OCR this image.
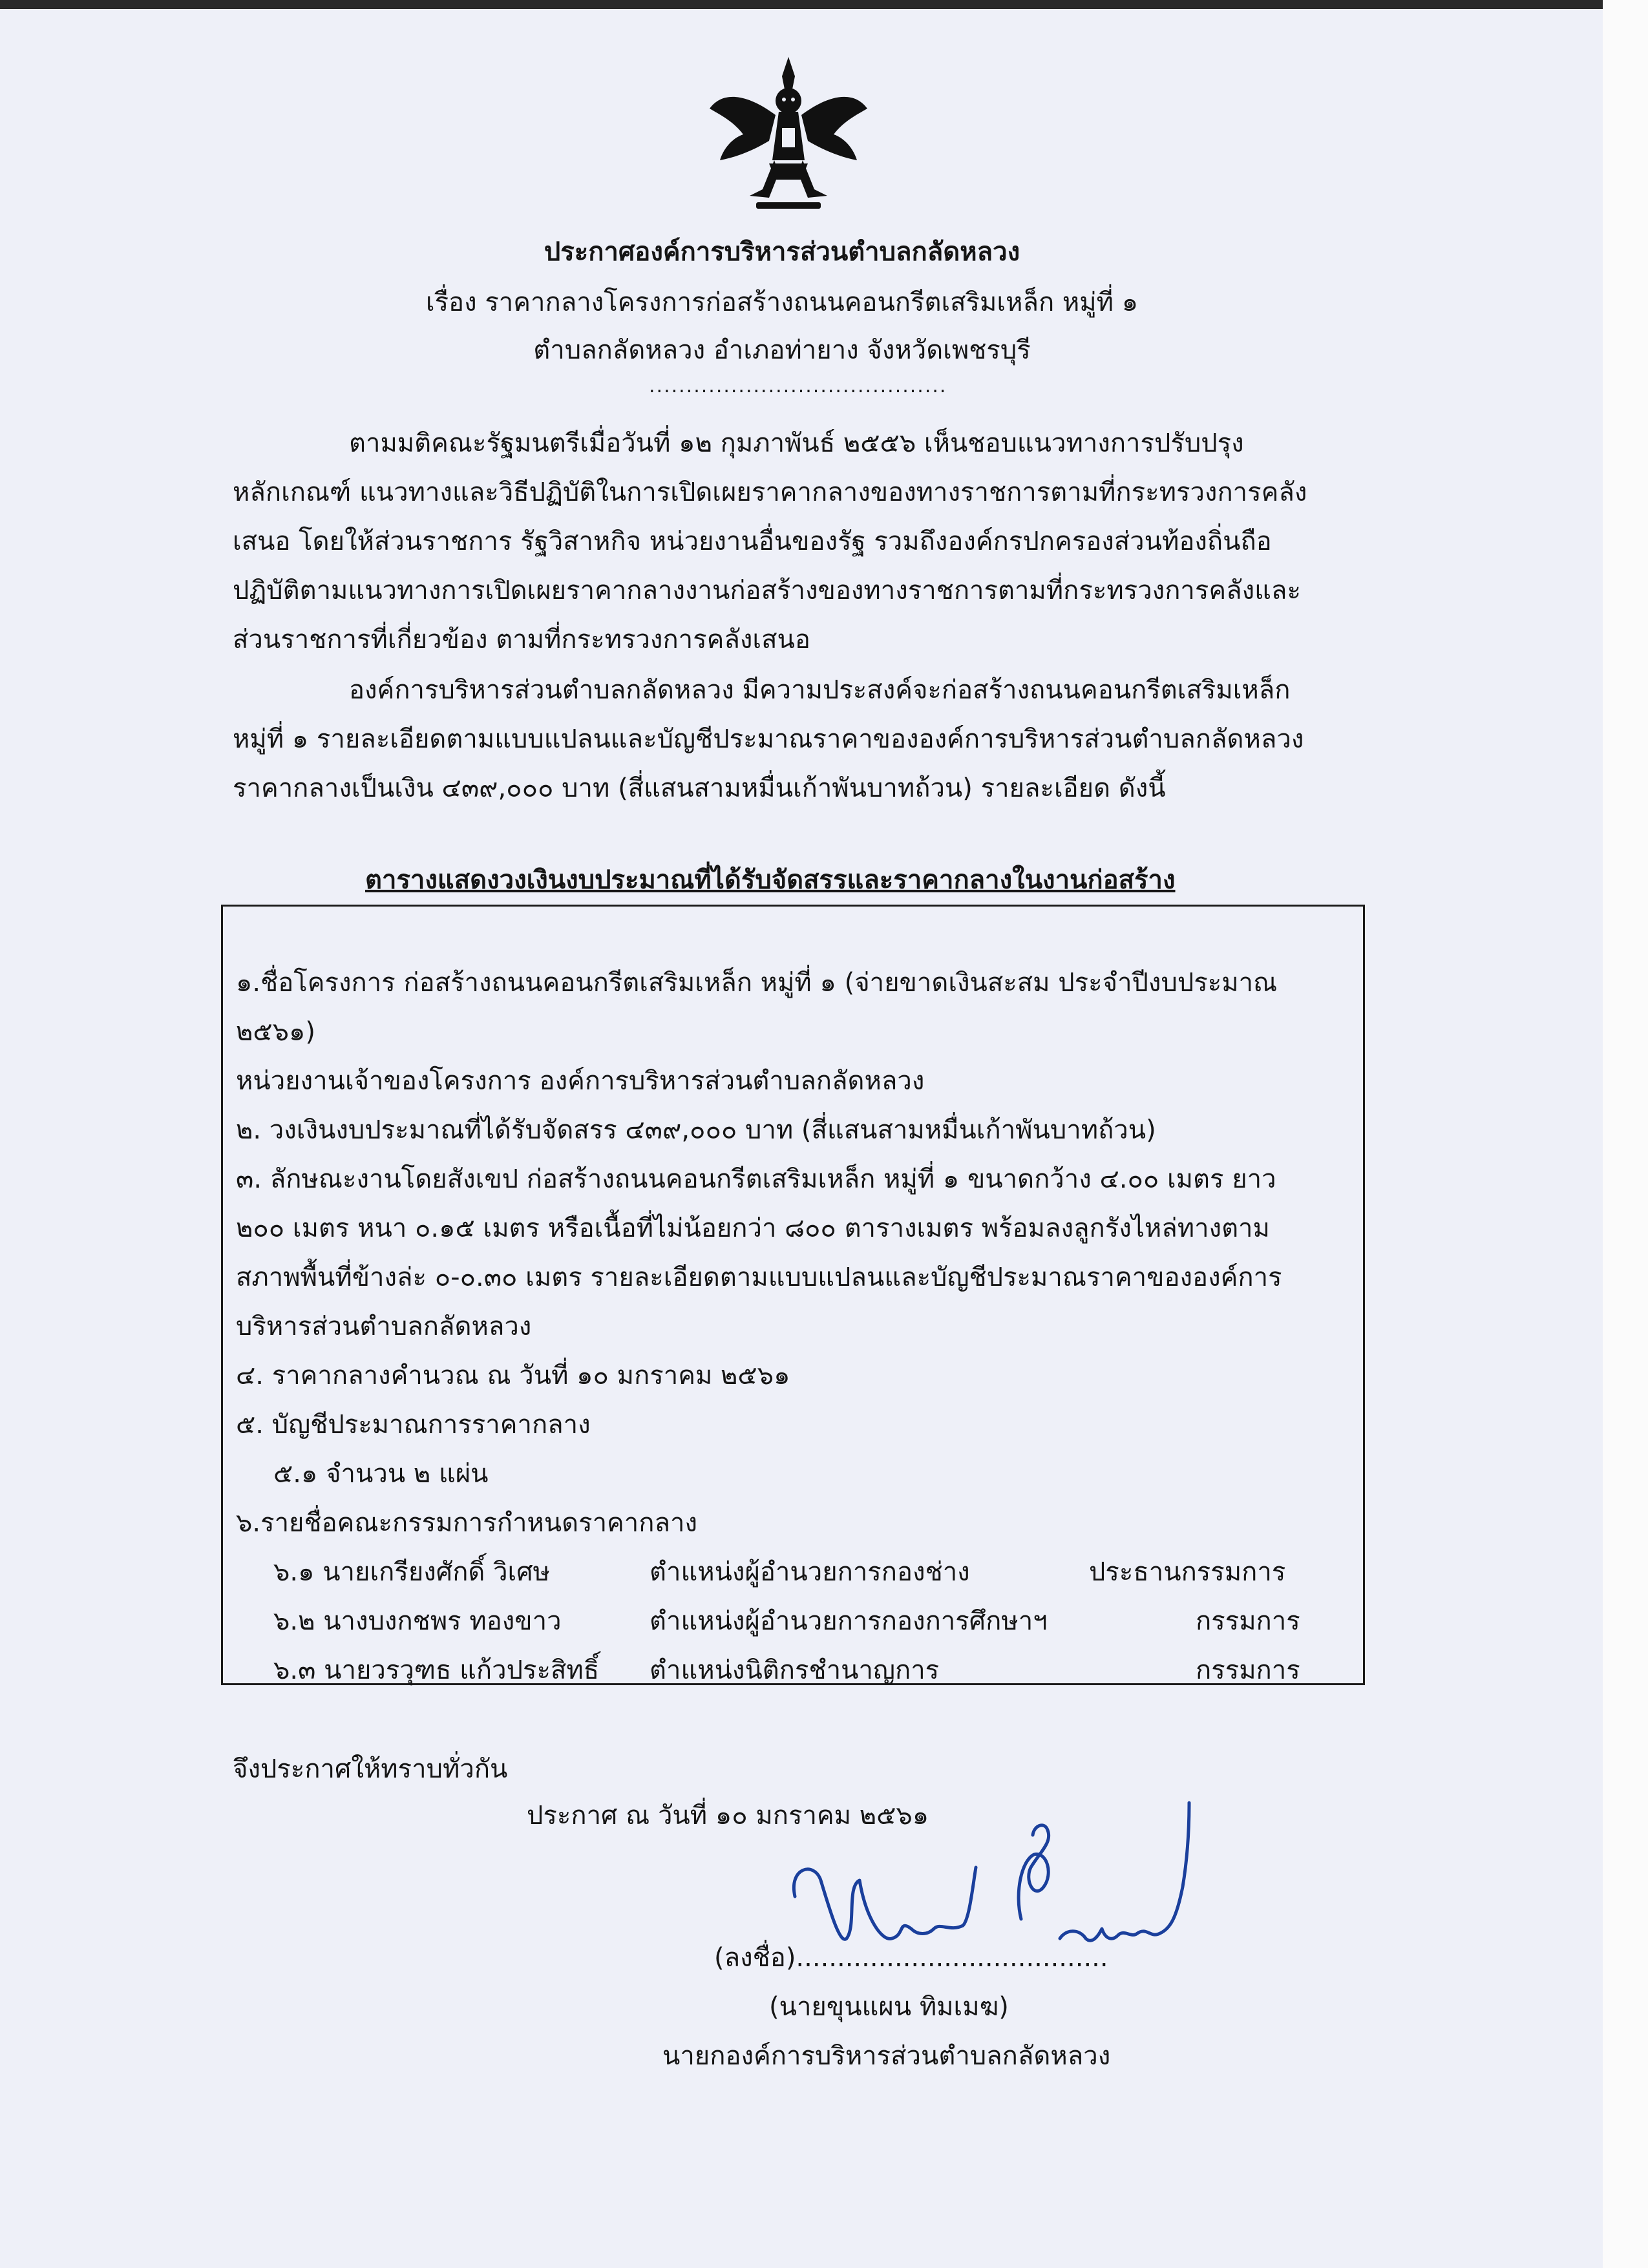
ประกาศองค์การบริหารส่วนตำบลกลัดหลวง
เรื่อง ราคากลางโครงการก่อสร้างถนนคอนกรีตเสริมเหล็ก หมู่ที่ ๑
ตำบลกลัดหลวง อำเภอท่ายาง จังหวัดเพชรบุรี
........................................
ตามมติคณะรัฐมนตรีเมื่อวันที่ ๑๒ กุมภาพันธ์ ๒๕๕๖ เห็นชอบแนวทางการปรับปรุง
หลักเกณฑ์ แนวทางและวิธีปฏิบัติในการเปิดเผยราคากลางของทางราชการตามที่กระทรวงการคลัง
เสนอ โดยให้ส่วนราชการ รัฐวิสาหกิจ หน่วยงานอื่นของรัฐ รวมถึงองค์กรปกครองส่วนท้องถิ่นถือ
ปฏิบัติตามแนวทางการเปิดเผยราคากลางงานก่อสร้างของทางราชการตามที่กระทรวงการคลังและ
ส่วนราชการที่เกี่ยวข้อง ตามที่กระทรวงการคลังเสนอ
องค์การบริหารส่วนตำบลกลัดหลวง มีความประสงค์จะก่อสร้างถนนคอนกรีตเสริมเหล็ก
หมู่ที่ ๑ รายละเอียดตามแบบแปลนและบัญชีประมาณราคาขององค์การบริหารส่วนตำบลกลัดหลวง
ราคากลางเป็นเงิน ๔๓๙,๐๐๐ บาท (สี่แสนสามหมื่นเก้าพันบาทถ้วน) รายละเอียด ดังนี้
ตารางแสดงวงเงินงบประมาณที่ได้รับจัดสรรและราคากลางในงานก่อสร้าง
๑.ชื่อโครงการ ก่อสร้างถนนคอนกรีตเสริมเหล็ก หมู่ที่ ๑ (จ่ายขาดเงินสะสม ประจำปีงบประมาณ
๒๕๖๑)
หน่วยงานเจ้าของโครงการ องค์การบริหารส่วนตำบลกลัดหลวง
๒. วงเงินงบประมาณที่ได้รับจัดสรร ๔๓๙,๐๐๐ บาท (สี่แสนสามหมื่นเก้าพันบาทถ้วน)
๓. ลักษณะงานโดยสังเขป ก่อสร้างถนนคอนกรีตเสริมเหล็ก หมู่ที่ ๑ ขนาดกว้าง ๔.๐๐ เมตร ยาว
๒๐๐ เมตร หนา ๐.๑๕ เมตร หรือเนื้อที่ไม่น้อยกว่า ๘๐๐ ตารางเมตร พร้อมลงลูกรังไหล่ทางตาม
สภาพพื้นที่ข้างล่ะ ๐-๐.๓๐ เมตร รายละเอียดตามแบบแปลนและบัญชีประมาณราคาขององค์การ
บริหารส่วนตำบลกลัดหลวง
๔. ราคากลางคำนวณ ณ วันที่ ๑๐ มกราคม ๒๕๖๑
๕. บัญชีประมาณการราคากลาง
๕.๑ จำนวน ๒ แผ่น
๖.รายชื่อคณะกรรมการกำหนดราคากลาง
๖.๑ นายเกรียงศักดิ์ วิเศษ	ตำแหน่งผู้อำนวยการกองช่าง	ประธานกรรมการ
๖.๒ นางบงกชพร ทองขาว	ตำแหน่งผู้อำนวยการกองการศึกษาฯ	กรรมการ
๖.๓ นายวรวุฑธ แก้วประสิทธิ์ ตำแหน่งนิติกรชำนาญการ	กรรมการ
จึงประกาศให้ทราบทั่วกัน
ประกาศ ณ วันที่ ๑๐ มกราคม ๒๕๖๑
(ลงชื่อ)......................................
(นายขุนแผน ทิมเมฆ)
นายกองค์การบริหารส่วนตำบลกลัดหลวง
